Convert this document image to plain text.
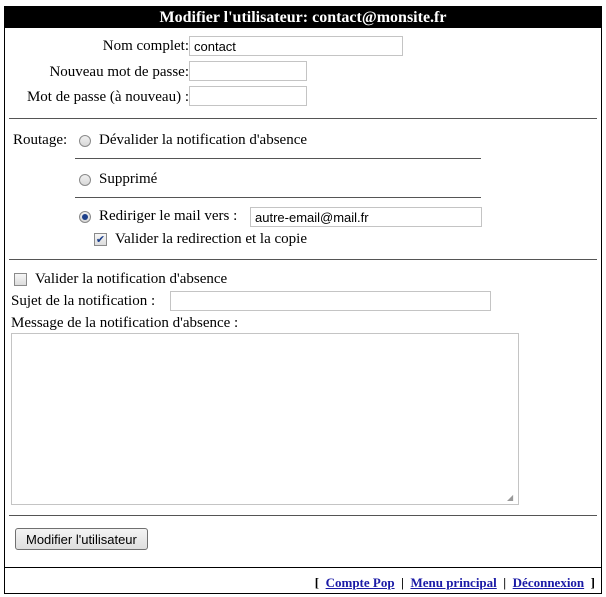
Modifier l'utilisateur: contact@monsite.fr
Nom complet:
contact
Nouveau mot de passe:
Mot de passe (à nouveau) :
Routage: Dévalider la notification d'absence
Supprimé
Rediriger le mail vers :
autre-email@mail.fr
✔ Valider la redirection et la copie
Valider la notification d'absence
Sujet de la notification :
Message de la notification d'absence :
◢
Modifier l'utilisateur
[ Compte Pop | Menu principal | Déconnexion ]
